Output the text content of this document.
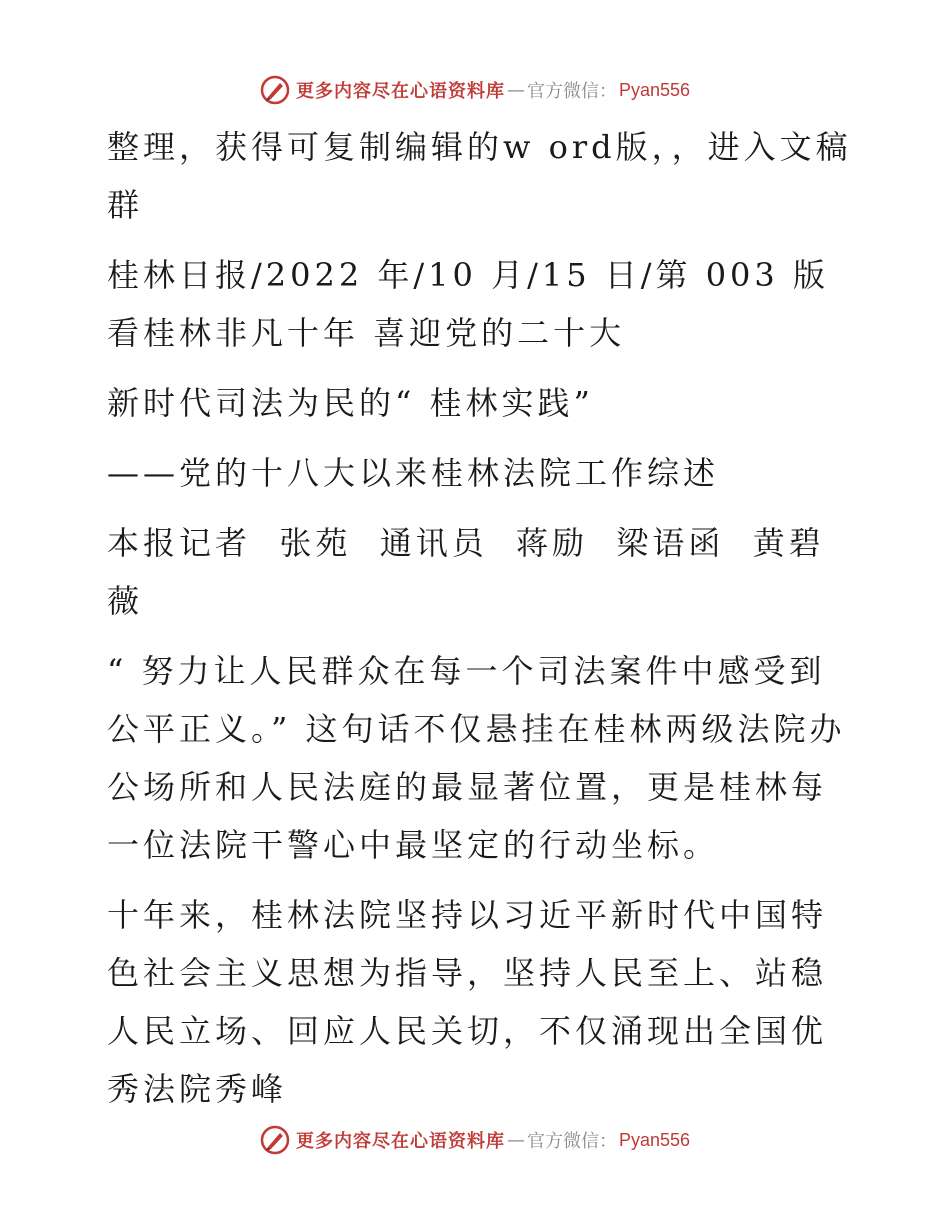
更多内容尽在心语资料库 — 官方微信： Pyan556

整理，获得可复制编辑的w ord版，，进入文稿群

桂林日报/2022 年/10 月/15 日/第 003 版看桂林非凡十年 喜迎党的二十大

新时代司法为民的“ 桂林实践”

——党的十八大以来桂林法院工作综述

本报记者  张苑  通讯员  蒋励  梁语函  黄碧薇

“ 努力让人民群众在每一个司法案件中感受到公平正义。” 这句话不仅悬挂在桂林两级法院办公场所和人民法庭的最显著位置，更是桂林每一位法院干警心中最坚定的行动坐标。

十年来，桂林法院坚持以习近平新时代中国特色社会主义思想为指导，坚持人民至上、站稳人民立场、回应人民关切，不仅涌现出全国优秀法院秀峰

更多内容尽在心语资料库 — 官方微信： Pyan556
